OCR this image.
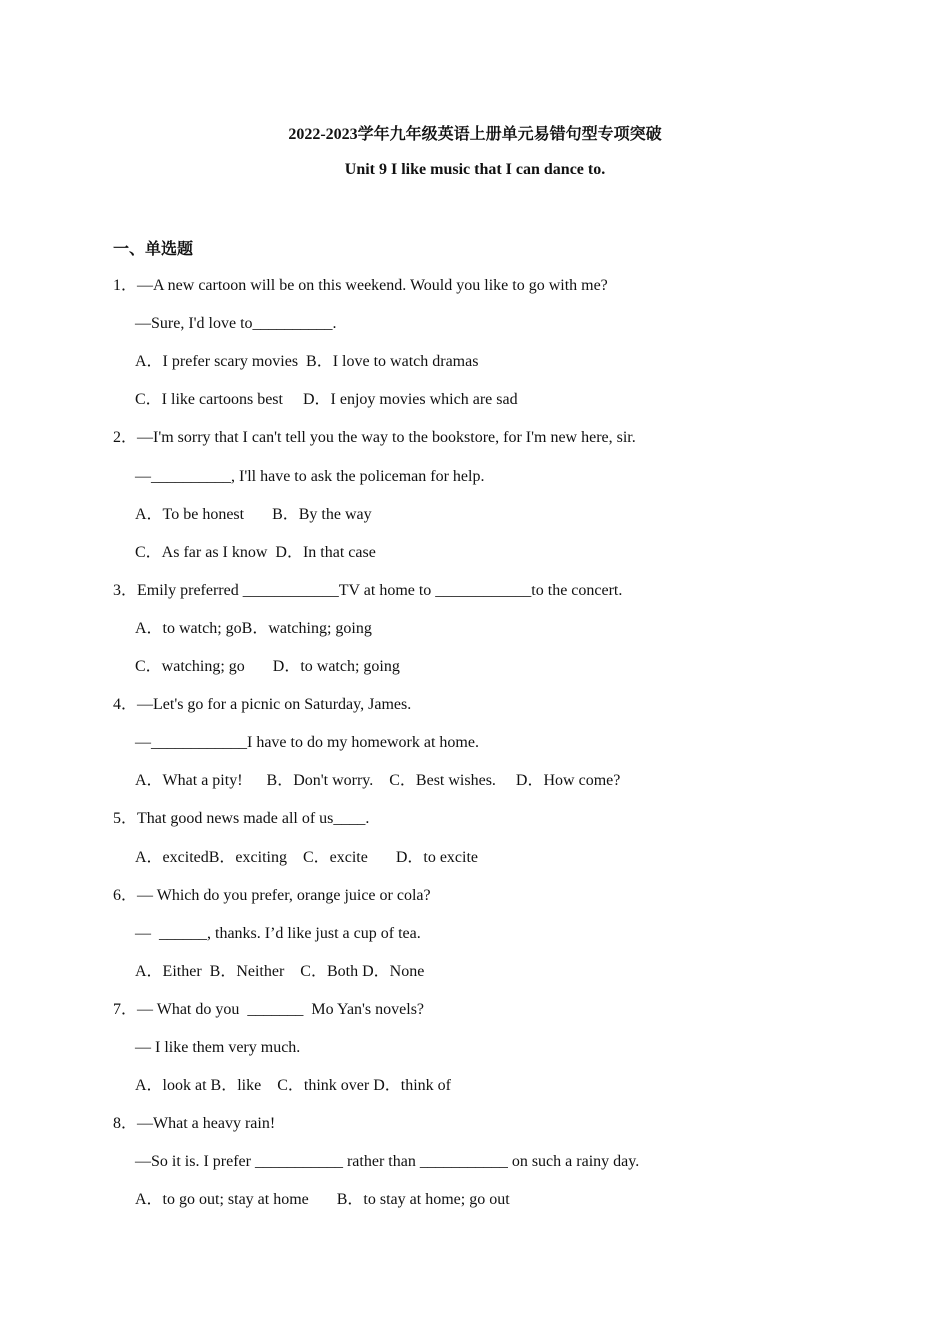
2022-2023学年九年级英语上册单元易错句型专项突破
Unit 9 I like music that I can dance to.
一、单选题
1．—A new cartoon will be on this weekend. Would you like to go with me?
—Sure, I'd love to__________.
A．I prefer scary movies  B．I love to watch dramas
C．I like cartoons best     D．I enjoy movies which are sad
2．—I'm sorry that I can't tell you the way to the bookstore, for I'm new here, sir.
—__________, I'll have to ask the policeman for help.
A．To be honest       B．By the way
C．As far as I know  D．In that case
3．Emily preferred ____________TV at home to ____________to the concert.
A．to watch; goB．watching; going
C．watching; go       D．to watch; going
4．—Let's go for a picnic on Saturday, James.
—____________I have to do my homework at home.
A．What a pity!      B．Don't worry.    C．Best wishes.     D．How come?
5．That good news made all of us____.
A．excitedB．exciting    C．excite       D．to excite
6．— Which do you prefer, orange juice or cola?
—  ______, thanks. I’d like just a cup of tea.
A．Either  B．Neither    C．Both D．None
7．— What do you  _______  Mo Yan's novels?
— I like them very much.
A．look at B．like    C．think over D．think of
8．—What a heavy rain!
—So it is. I prefer ___________ rather than ___________ on such a rainy day.
A．to go out; stay at home       B．to stay at home; go out
